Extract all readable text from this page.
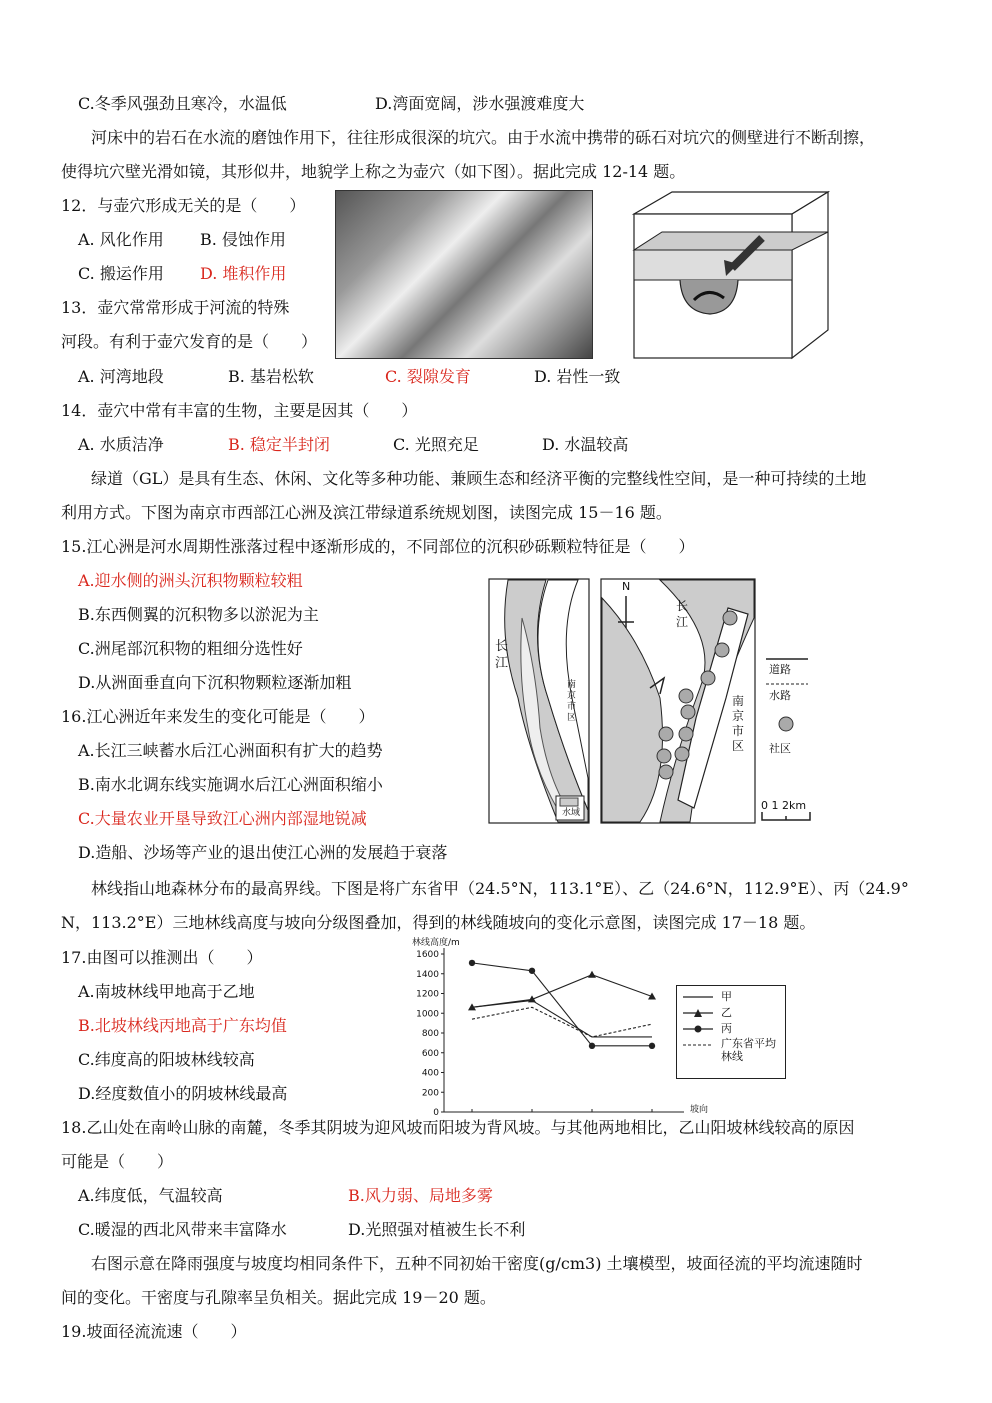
C.冬季风强劲且寒冷，水温低	D.湾面宽阔，涉水强渡难度大
河床中的岩石在水流的磨蚀作用下，往往形成很深的坑穴。由于水流中携带的砾石对坑穴的侧壁进行不断刮擦，
使得坑穴壁光滑如镜，其形似井，地貌学上称之为壶穴（如下图）。据此完成 12-14 题。
12．与壶穴形成无关的是（　　）
A. 风化作用 B. 侵蚀作用
C. 搬运作用 D. 堆积作用
13．壶穴常常形成于河流的特殊
河段。有利于壶穴发育的是（　　）
A. 河湾地段	B. 基岩松软	C. 裂隙发育	D. 岩性一致
14．壶穴中常有丰富的生物，主要是因其（　　）
A. 水质洁净	B. 稳定半封闭	C. 光照充足	D. 水温较高
绿道（GL）是具有生态、休闲、文化等多种功能、兼顾生态和经济平衡的完整线性空间，是一种可持续的土地
利用方式。下图为南京市西部江心洲及滨江带绿道系统规划图，读图完成 15－16 题。
15.江心洲是河水周期性涨落过程中逐渐形成的，不同部位的沉积砂砾颗粒特征是（　　）
A.迎水侧的洲头沉积物颗粒较粗
B.东西侧翼的沉积物多以淤泥为主
C.洲尾部沉积物的粗细分选性好
D.从洲面垂直向下沉积物颗粒逐渐加粗
16.江心洲近年来发生的变化可能是（　　）
A.长江三峡蓄水后江心洲面积有扩大的趋势
B.南水北调东线实施调水后江心洲面积缩小
C.大量农业开垦导致江心洲内部湿地锐减
D.造船、沙场等产业的退出使江心洲的发展趋于衰落
长江
南京市区
水域
N
长江
南京市区
道路
水路
社区
0 1 2km
林线指山地森林分布的最高界线。下图是将广东省甲（24.5°N，113.1°E）、乙（24.6°N，112.9°E）、丙（24.9°
N，113.2°E）三地林线高度与坡向分级图叠加，得到的林线随坡向的变化示意图，读图完成 17－18 题。
17.由图可以推测出（　　）
A.南坡林线甲地高于乙地
B.北坡林线丙地高于广东均值
C.纬度高的阳坡林线较高
D.经度数值小的阴坡林线最高
林线高度/m
坡向
0
200
400
600
800
1000
1200
1400
1600
甲
乙
丙
广东省平均林线
18.乙山处在南岭山脉的南麓，冬季其阴坡为迎风坡而阳坡为背风坡。与其他两地相比，乙山阳坡林线较高的原因
可能是（　　）
A.纬度低，气温较高	B.风力弱、局地多雾
C.暖湿的西北风带来丰富降水	D.光照强对植被生长不利
右图示意在降雨强度与坡度均相同条件下，五种不同初始干密度(g/cm3) 土壤模型，坡面径流的平均流速随时
间的变化。干密度与孔隙率呈负相关。据此完成 19－20 题。
19.坡面径流流速（　　）
